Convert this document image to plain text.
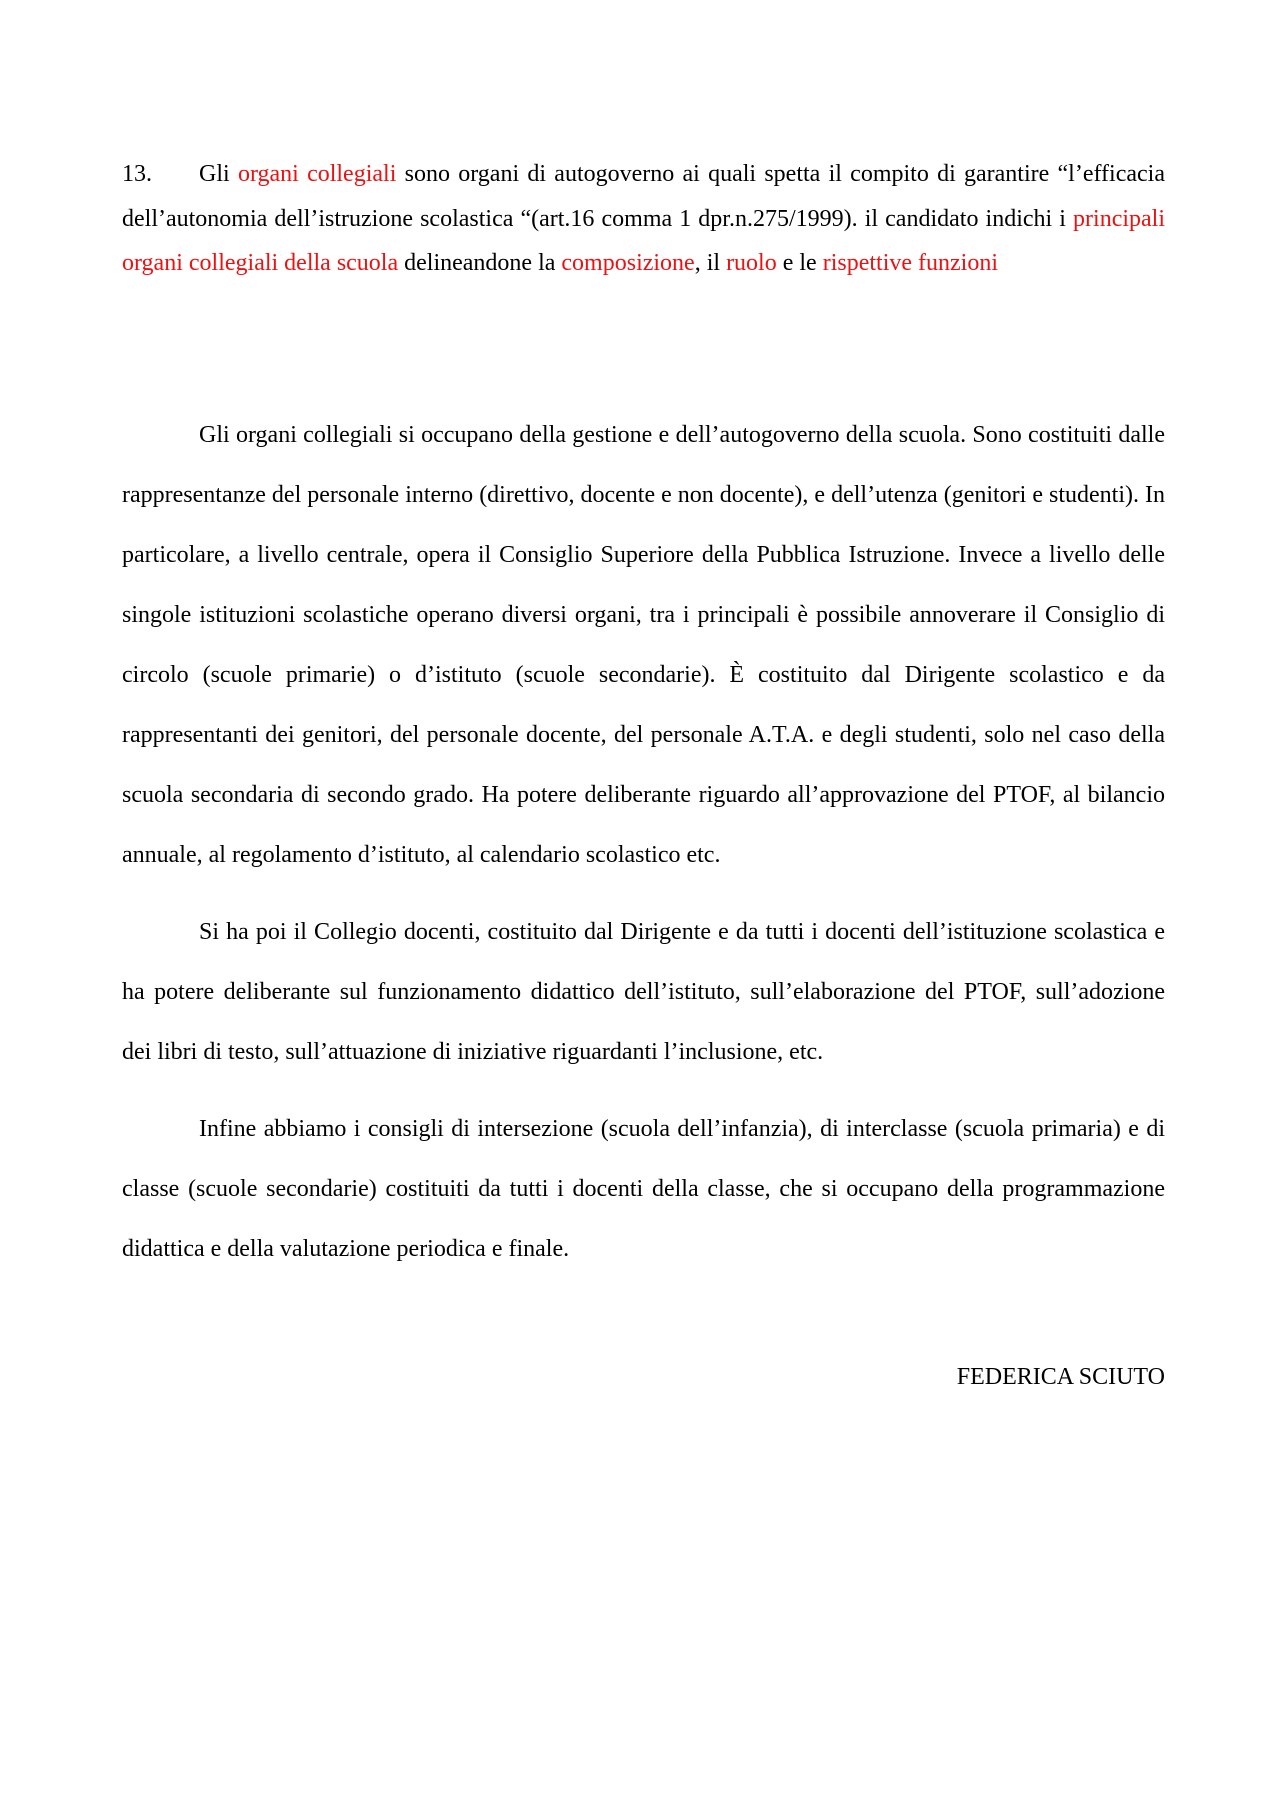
13. Gli organi collegiali sono organi di autogoverno ai quali spetta il compito di garantire “l’efficacia dell’autonomia dell’istruzione scolastica “(art.16 comma 1 dpr.n.275/1999). il candidato indichi i principali organi collegiali della scuola delineandone la composizione, il ruolo e le rispettive funzioni

Gli organi collegiali si occupano della gestione e dell’autogoverno della scuola. Sono costituiti dalle rappresentanze del personale interno (direttivo, docente e non docente), e dell’utenza (genitori e studenti). In particolare, a livello centrale, opera il Consiglio Superiore della Pubblica Istruzione. Invece a livello delle singole istituzioni scolastiche operano diversi organi, tra i principali è possibile annoverare il Consiglio di circolo (scuole primarie) o d’istituto (scuole secondarie). È costituito dal Dirigente scolastico e da rappresentanti dei genitori, del personale docente, del personale A.T.A. e degli studenti, solo nel caso della scuola secondaria di secondo grado. Ha potere deliberante riguardo all’approvazione del PTOF, al bilancio annuale, al regolamento d’istituto, al calendario scolastico etc.

Si ha poi il Collegio docenti, costituito dal Dirigente e da tutti i docenti dell’istituzione scolastica e ha potere deliberante sul funzionamento didattico dell’istituto, sull’elaborazione del PTOF, sull’adozione dei libri di testo, sull’attuazione di iniziative riguardanti l’inclusione, etc.

Infine abbiamo i consigli di intersezione (scuola dell’infanzia), di interclasse (scuola primaria) e di classe (scuole secondarie) costituiti da tutti i docenti della classe, che si occupano della programmazione didattica e della valutazione periodica e finale.

FEDERICA SCIUTO
